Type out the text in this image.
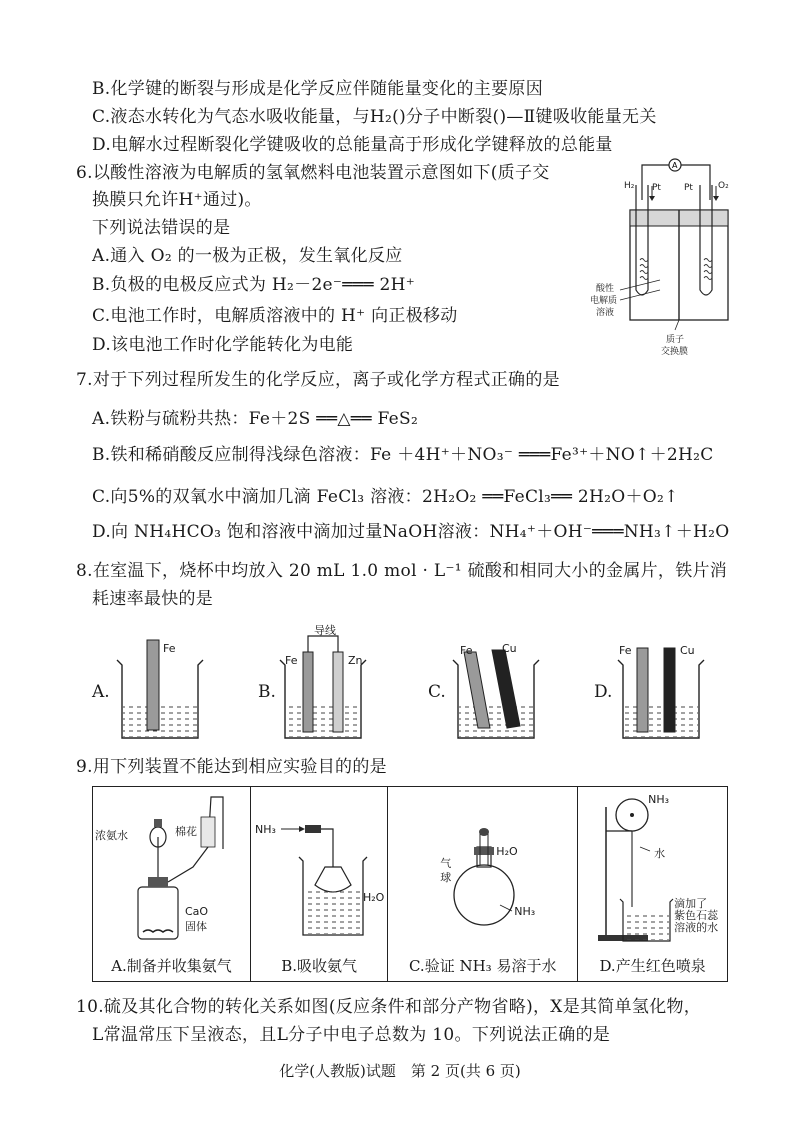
B.化学键的断裂与形成是化学反应伴随能量变化的主要原因
C.液态水转化为气态水吸收能量，与H₂()分子中断裂()—Ⅱ键吸收能量无关
D.电解水过程断裂化学键吸收的总能量高于形成化学键释放的总能量
6.以酸性溶液为电解质的氢氧燃料电池装置示意图如下(质子交
换膜只允许H⁺通过)。
下列说法错误的是
A.通入 O₂ 的一极为正极，发生氧化反应
B.负极的电极反应式为 H₂－2e⁻═══ 2H⁺
C.电池工作时，电解质溶液中的 H⁺ 向正极移动
D.该电池工作时化学能转化为电能
A
H₂ Pt	Pt	O₂
酸性
电解质
溶液
质子
交换膜
7.对于下列过程所发生的化学反应，离子或化学方程式正确的是
A.铁粉与硫粉共热：Fe＋2S ══△══ FeS₂
B.铁和稀硝酸反应制得浅绿色溶液：Fe ＋4H⁺＋NO₃⁻ ═══Fe³⁺＋NO↑＋2H₂C
C.向5%的双氧水中滴加几滴 FeCl₃ 溶液：2H₂O₂ ══FeCl₃══ 2H₂O＋O₂↑
D.向 NH₄HCO₃ 饱和溶液中滴加过量NaOH溶液：NH₄⁺＋OH⁻═══NH₃↑＋H₂O
8.在室温下，烧杯中均放入 20 mL 1.0 mol · L⁻¹ 硫酸和相同大小的金属片，铁片消
耗速率最快的是
导线
Fe
Fe	Zn
Fe	Cu	Fe	Cu
A.	B.	C.	D.
9.用下列装置不能达到相应实验目的的是
浓氨水	棉花
CaO
固体
A.制备并收集氨气

NH₃
H₂O
B.吸收氨气

气
球
H₂O
NH₃
C.验证 NH₃ 易溶于水

NH₃
水
滴加了
紫色石蕊
溶液的水
D.产生红色喷泉
10.硫及其化合物的转化关系如图(反应条件和部分产物省略)，X是其简单氢化物，
L常温常压下呈液态，且L分子中电子总数为 10。下列说法正确的是
化学(人教版)试题　第 2 页(共 6 页)
